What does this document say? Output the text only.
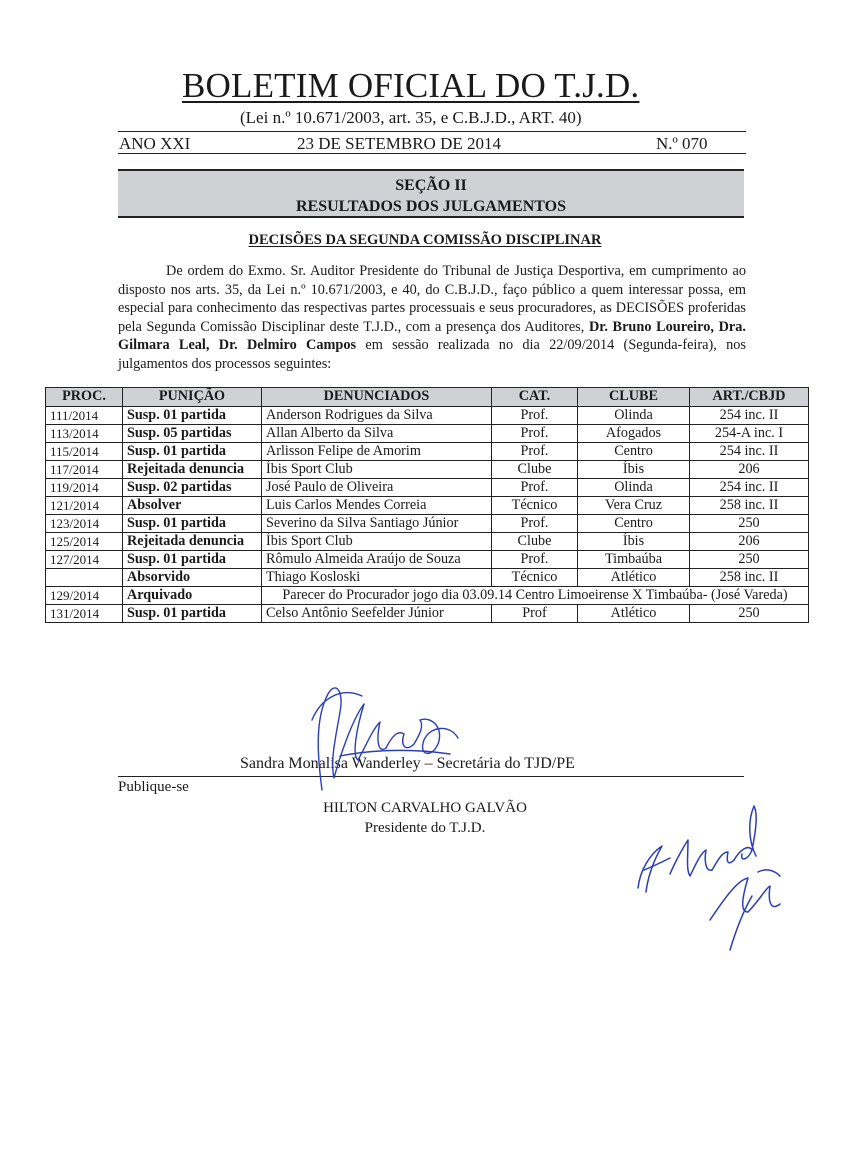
BOLETIM OFICIAL DO T.J.D.
(Lei n.º 10.671/2003, art. 35, e C.B.J.D., ART. 40)
ANO XXI	23 DE SETEMBRO DE 2014	N.º 070
SEÇÃO II
RESULTADOS DOS JULGAMENTOS
DECISÕES DA SEGUNDA COMISSÃO DISCIPLINAR
De ordem do Exmo. Sr. Auditor Presidente do Tribunal de Justiça Desportiva, em cumprimento ao disposto nos arts. 35, da Lei n.º 10.671/2003, e 40, do C.B.J.D., faço público a quem interessar possa, em especial para conhecimento das respectivas partes processuais e seus procuradores, as DECISÕES proferidas pela Segunda Comissão Disciplinar deste T.J.D., com a presença dos Auditores, Dr. Bruno Loureiro, Dra. Gilmara Leal, Dr. Delmiro Campos em sessão realizada no dia 22/09/2014 (Segunda-feira), nos julgamentos dos processos seguintes:
PROC.	PUNIÇÃO	DENUNCIADOS	CAT.	CLUBE	ART./CBJD
111/2014	Susp. 01 partida	Anderson Rodrigues da Silva	Prof.	Olinda	254 inc. II
113/2014	Susp. 05 partidas	Allan Alberto da Silva	Prof.	Afogados	254-A inc. I
115/2014	Susp. 01 partida	Arlisson Felipe de Amorim	Prof.	Centro	254 inc. II
117/2014	Rejeitada denuncia	Íbis Sport Club	Clube	Íbis	206
119/2014	Susp. 02 partidas	José Paulo de Oliveira	Prof.	Olinda	254 inc. II
121/2014	Absolver	Luis Carlos Mendes Correia	Técnico	Vera Cruz	258 inc. II
123/2014	Susp. 01 partida	Severino da Silva Santiago Júnior	Prof.	Centro	250
125/2014	Rejeitada denuncia	Íbis Sport Club	Clube	Íbis	206
127/2014	Susp. 01 partida	Rômulo Almeida Araújo de Souza	Prof.	Timbaúba	250
	Absorvido	Thiago Kosloski	Técnico	Atlético	258 inc. II
129/2014	Arquivado	Parecer do Procurador jogo dia 03.09.14 Centro Limoeirense X Timbaúba- (José Vareda)			
131/2014	Susp. 01 partida	Celso Antônio Seefelder Júnior	Prof	Atlético	250
Sandra Monalisa Wanderley – Secretária do TJD/PE
Publique-se
HILTON CARVALHO GALVÃO
Presidente do T.J.D.
